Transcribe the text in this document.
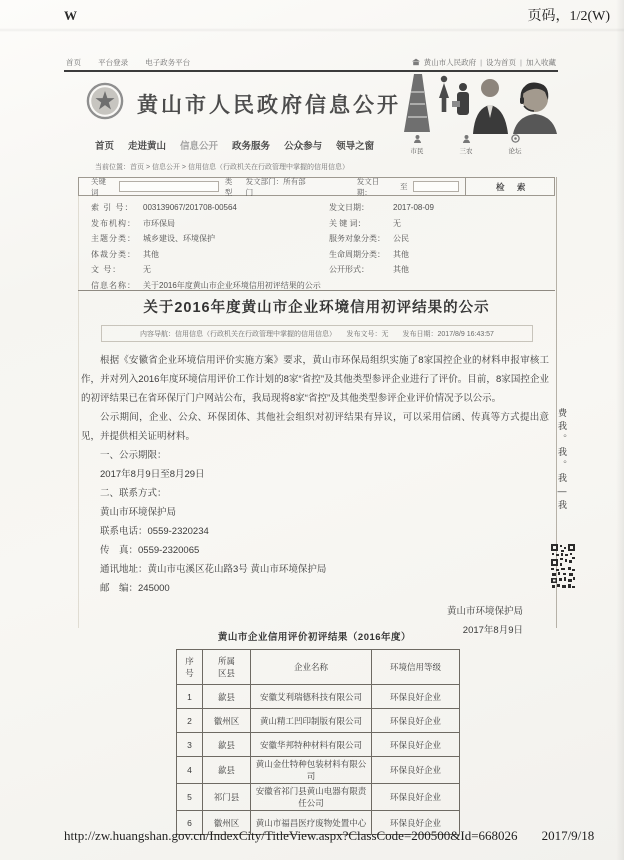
W	页码，1/2(W)
首页 平台登录 电子政务平台	黄山市人民政府 | 设为首页 | 加入收藏
黄山市人民政府信息公开
市民	三农	论坛
首页 走进黄山 信息公开 政务服务 公众参与 领导之窗
当前位置：首页 > 信息公开 > 信用信息（行政机关在行政管理中掌握的信用信息）
关键词
类型
发文部门：所有部门
发文日期：
至	检 索
索 引 号：	003139067/201708-00564	发文日期：	2017-08-09
发布机构： 市环保局	关 键 词：	无
主题分类： 城乡建设、环境保护	服务对象分类：	公民
体裁分类： 其他	生命周期分类：	其他
文 号：	无	公开形式：	其他
信息名称： 关于2016年度黄山市企业环境信用初评结果的公示
关于2016年度黄山市企业环境信用初评结果的公示
内容导航：信用信息（行政机关在行政管理中掌握的信用信息）　　发布文号：无　　发布日期：2017/8/9 16:43:57

根据《安徽省企业环境信用评价实施方案》要求，黄山市环保局组织实施了8家国控企业的材料申报审核工作，并对列入2016年度环境信用评价工作计划的8家“省控”及其他类型参评企业进行了评价。目前，8家国控企业的初评结果已在省环保厅门户网站公布，我局现将8家“省控”及其他类型参评企业评价情况予以公示。

公示期间，企业、公众、环保团体、其他社会组织对初评结果有异议，可以采用信函、传真等方式提出意见，并提供相关证明材料。

一、公示期限：

2017年8月9日至8月29日

二、联系方式：

黄山市环境保护局

联系电话：0559-2320234

传　真：0559-2320065

通讯地址：黄山市屯溪区花山路3号 黄山市环境保护局

邮　编：245000

黄山市环境保护局
2017年8月9日
黄山市企业信用评价初评结果（2016年度）
序号	所属区县	企业名称	环境信用等级
1	歙县	安徽艾利瑞德科技有限公司	环保良好企业
2	徽州区	黄山精工凹印制版有限公司	环保良好企业
3	歙县	安徽华邦特种材料有限公司	环保良好企业
4	歙县	黄山金仕特种包装材料有限公司	环保良好企业
5	祁门县	安徽省祁门县黄山电器有限责任公司	环保良好企业
6	徽州区	黄山市福昌医疗废物处置中心	环保良好企业
费我。我。我—我
http://zw.huangshan.gov.cn/IndexCity/TitleView.aspx?ClassCode=200500&Id=668026 2017/9/18
